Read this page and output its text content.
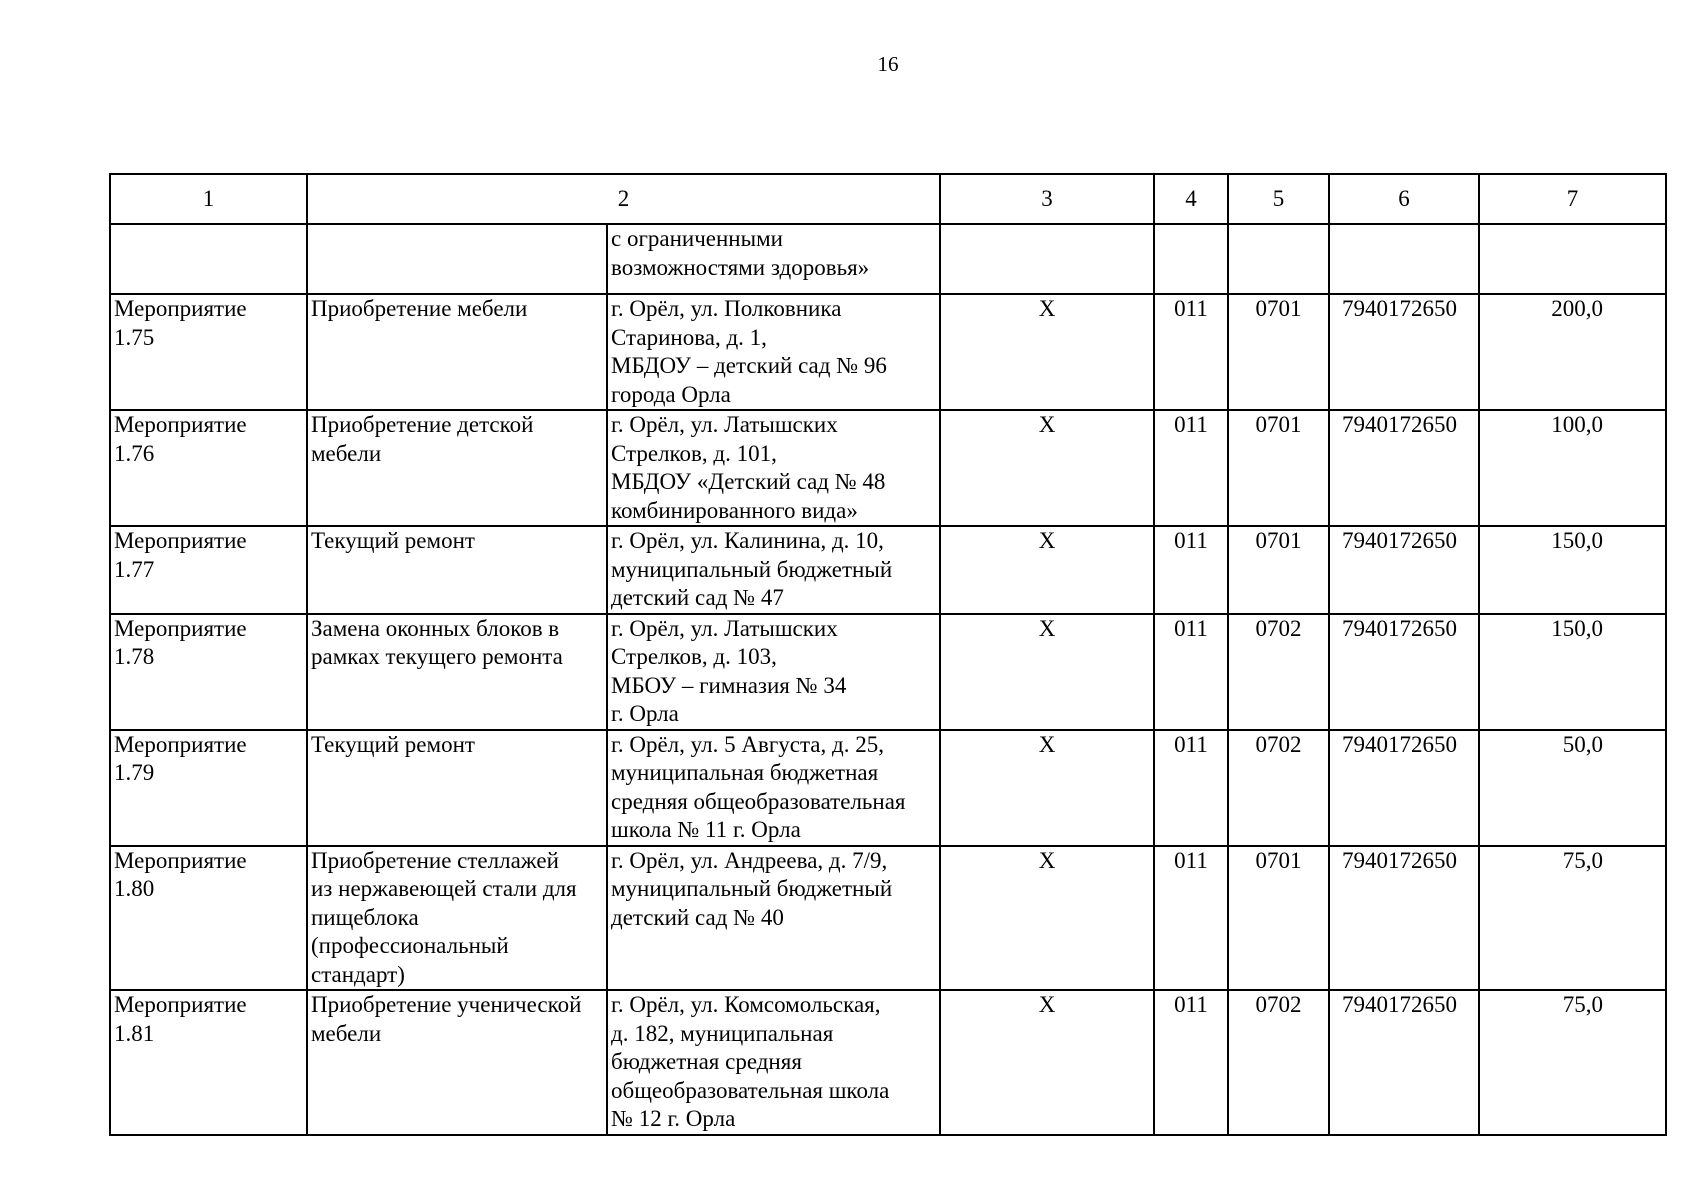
16
1	2		3	4	5	6	7

		с ограниченными
возможностями здоровья»					

Мероприятие
1.75	Приобретение мебели	г. Орёл, ул. Полковника
Старинова, д. 1,
МБДОУ – детский сад № 96
города Орла	X	011	0701	7940172650	200,0

Мероприятие
1.76	Приобретение детской
мебели	г. Орёл, ул. Латышских
Стрелков, д. 101,
МБДОУ «Детский сад № 48
комбинированного вида»	X	011	0701	7940172650	100,0

Мероприятие
1.77	Текущий ремонт	г. Орёл, ул. Калинина, д. 10,
муниципальный бюджетный
детский сад № 47	X	011	0701	7940172650	150,0

Мероприятие
1.78	Замена оконных блоков в
рамках текущего ремонта	г. Орёл, ул. Латышских
Стрелков, д. 103,
МБОУ – гимназия № 34
г. Орла	X	011	0702	7940172650	150,0

Мероприятие
1.79	Текущий ремонт	г. Орёл, ул. 5 Августа, д. 25,
муниципальная бюджетная
средняя общеобразовательная
школа № 11 г. Орла	X	011	0702	7940172650	50,0

Мероприятие
1.80	Приобретение стеллажей
из нержавеющей стали для
пищеблока
(профессиональный
стандарт)	г. Орёл, ул. Андреева, д. 7/9,
муниципальный бюджетный
детский сад № 40	X	011	0701	7940172650	75,0

Мероприятие
1.81	Приобретение ученической
мебели	г. Орёл, ул. Комсомольская,
д. 182, муниципальная
бюджетная средняя
общеобразовательная школа
№ 12 г. Орла	X	011	0702	7940172650	75,0
